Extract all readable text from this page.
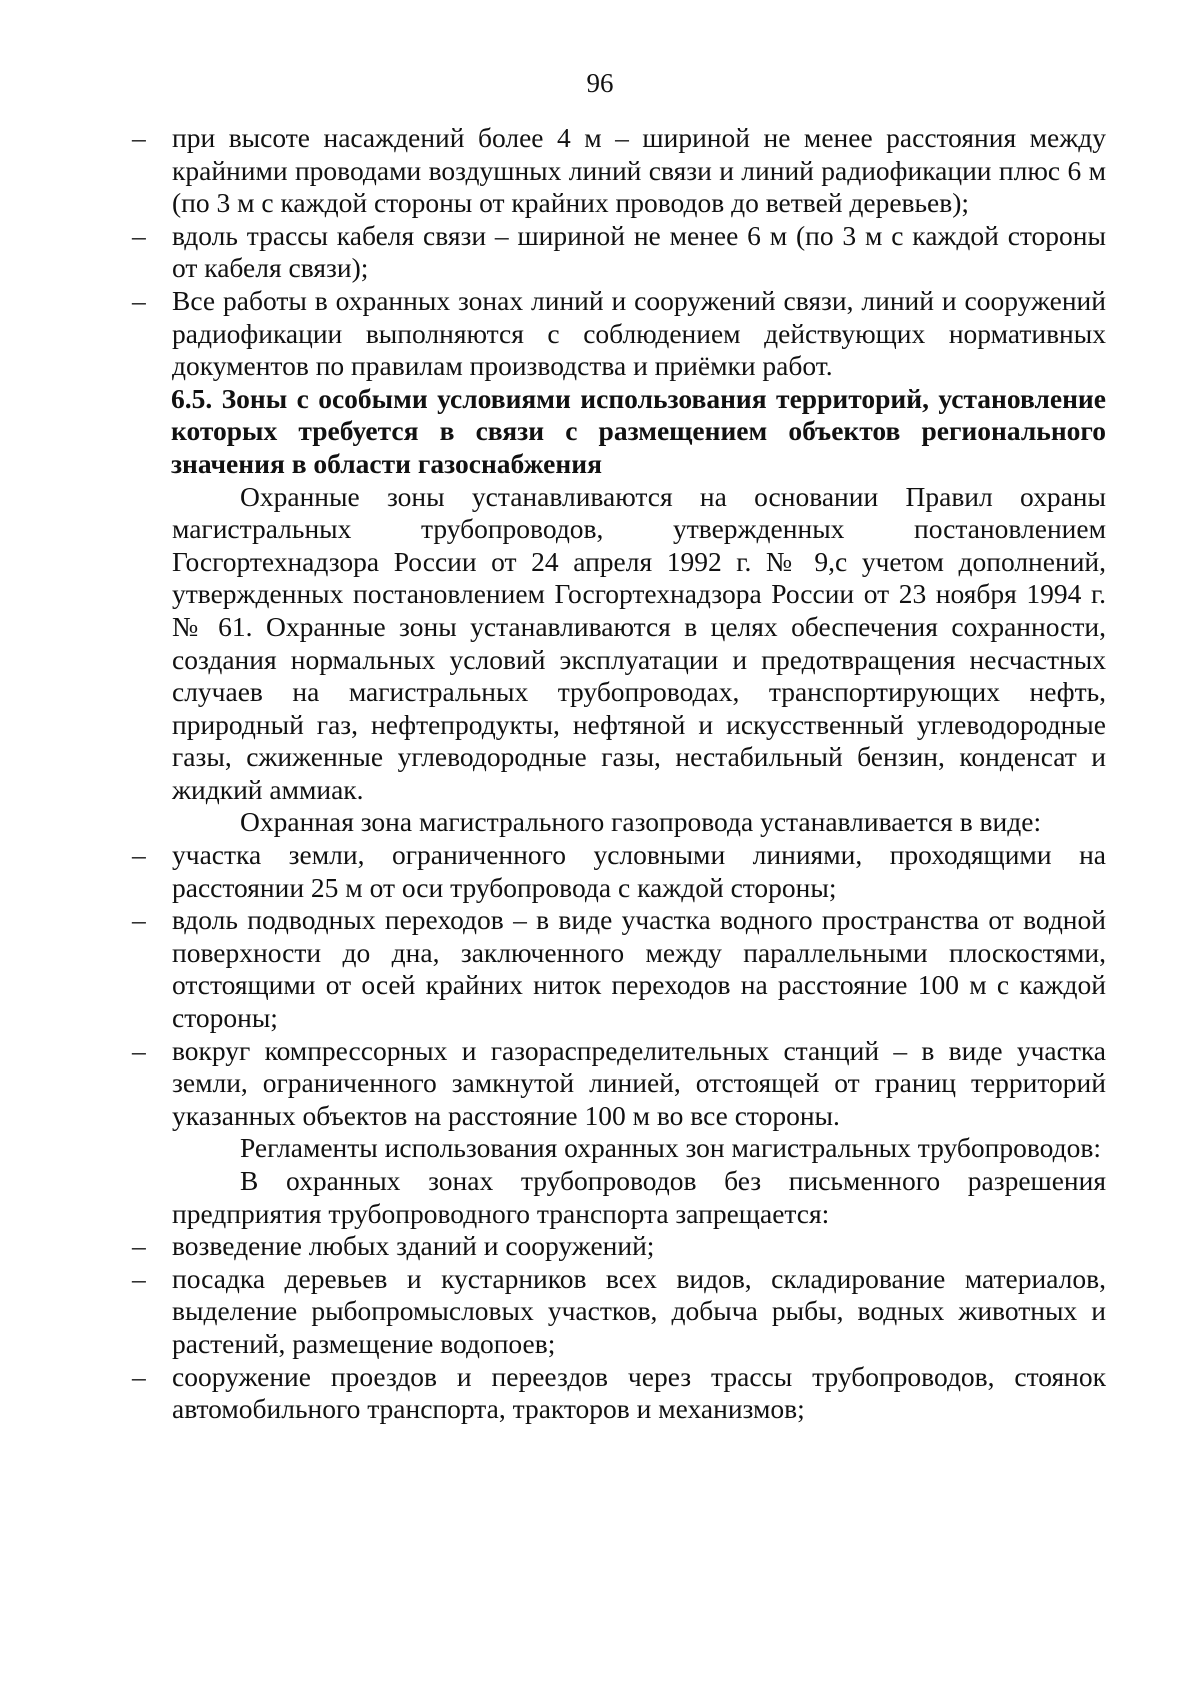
96
– при высоте насаждений более 4 м – шириной не менее расстояния между крайними проводами воздушных линий связи и линий радиофикации плюс 6 м (по 3 м с каждой стороны от крайних проводов до ветвей деревьев);
– вдоль трассы кабеля связи – шириной не менее 6 м (по 3 м с каждой стороны от кабеля связи);
– Все работы в охранных зонах линий и сооружений связи, линий и сооружений радиофикации выполняются с соблюдением действующих нормативных документов по правилам производства и приёмки работ.
6.5. Зоны с особыми условиями использования территорий, установление которых требуется в связи с размещением объектов регионального значения в области газоснабжения
Охранные зоны устанавливаются на основании Правил охраны магистральных трубопроводов, утвержденных постановлением Госгортехнадзора России от 24 апреля 1992 г. № 9,с учетом дополнений, утвержденных постановлением Госгортехнадзора России от 23 ноября 1994 г. № 61. Охранные зоны устанавливаются в целях обеспечения сохранности, создания нормальных условий эксплуатации и предотвращения несчастных случаев на магистральных трубопроводах, транспортирующих нефть, природный газ, нефтепродукты, нефтяной и искусственный углеводородные газы, сжиженные углеводородные газы, нестабильный бензин, конденсат и жидкий аммиак.
Охранная зона магистрального газопровода устанавливается в виде:
– участка земли, ограниченного условными линиями, проходящими на расстоянии 25 м от оси трубопровода с каждой стороны;
– вдоль подводных переходов – в виде участка водного пространства от водной поверхности до дна, заключенного между параллельными плоскостями, отстоящими от осей крайних ниток переходов на расстояние 100 м с каждой стороны;
– вокруг компрессорных и газораспределительных станций – в виде участка земли, ограниченного замкнутой линией, отстоящей от границ территорий указанных объектов на расстояние 100 м во все стороны.
Регламенты использования охранных зон магистральных трубопроводов:
В охранных зонах трубопроводов без письменного разрешения предприятия трубопроводного транспорта запрещается:
– возведение любых зданий и сооружений;
– посадка деревьев и кустарников всех видов, складирование материалов, выделение рыбопромысловых участков, добыча рыбы, водных животных и растений, размещение водопоев;
– сооружение проездов и переездов через трассы трубопроводов, стоянок автомобильного транспорта, тракторов и механизмов;
